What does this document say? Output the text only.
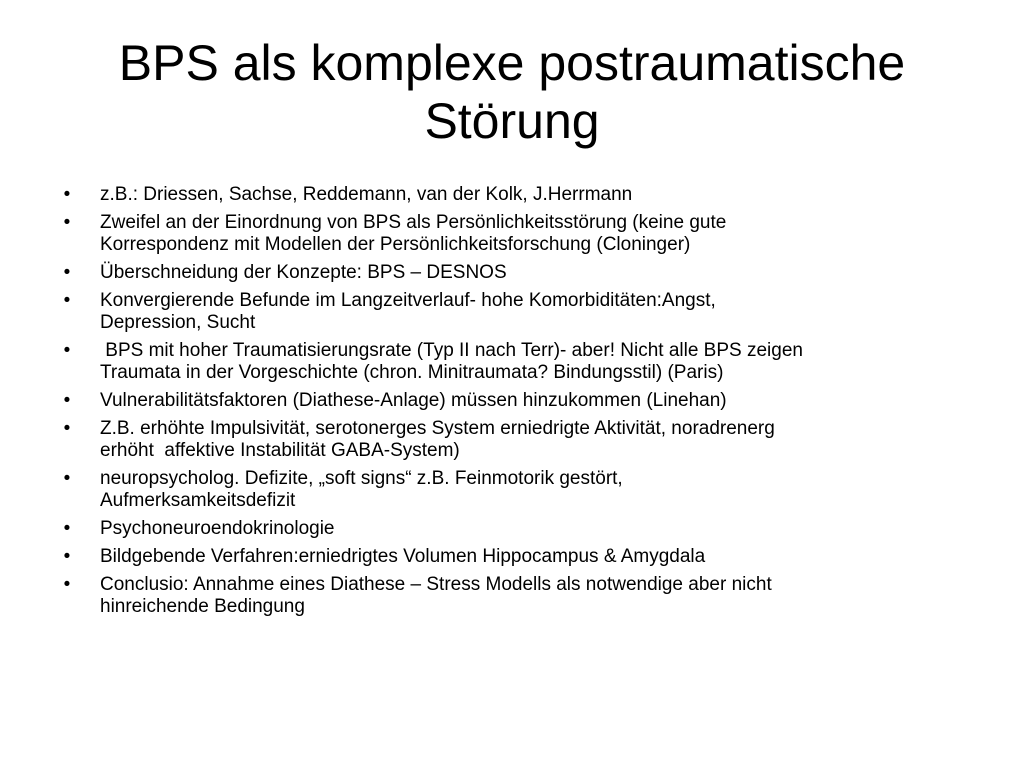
BPS als komplexe postraumatische
Störung
• z.B.: Driessen, Sachse, Reddemann, van der Kolk, J.Herrmann
• Zweifel an der Einordnung von BPS als Persönlichkeitsstörung (keine gute
Korrespondenz mit Modellen der Persönlichkeitsforschung (Cloninger)
• Überschneidung der Konzepte: BPS – DESNOS
• Konvergierende Befunde im Langzeitverlauf- hohe Komorbiditäten:Angst,
Depression, Sucht
• BPS mit hoher Traumatisierungsrate (Typ II nach Terr)- aber! Nicht alle BPS zeigen
Traumata in der Vorgeschichte (chron. Minitraumata? Bindungsstil) (Paris)
• Vulnerabilitätsfaktoren (Diathese-Anlage) müssen hinzukommen (Linehan)
• Z.B. erhöhte Impulsivität, serotonerges System erniedrigte Aktivität, noradrenerg
erhöht  affektive Instabilität GABA-System)
• neuropsycholog. Defizite, „soft signs“ z.B. Feinmotorik gestört,
Aufmerksamkeitsdefizit
• Psychoneuroendokrinologie
• Bildgebende Verfahren:erniedrigtes Volumen Hippocampus & Amygdala
• Conclusio: Annahme eines Diathese – Stress Modells als notwendige aber nicht
hinreichende Bedingung
